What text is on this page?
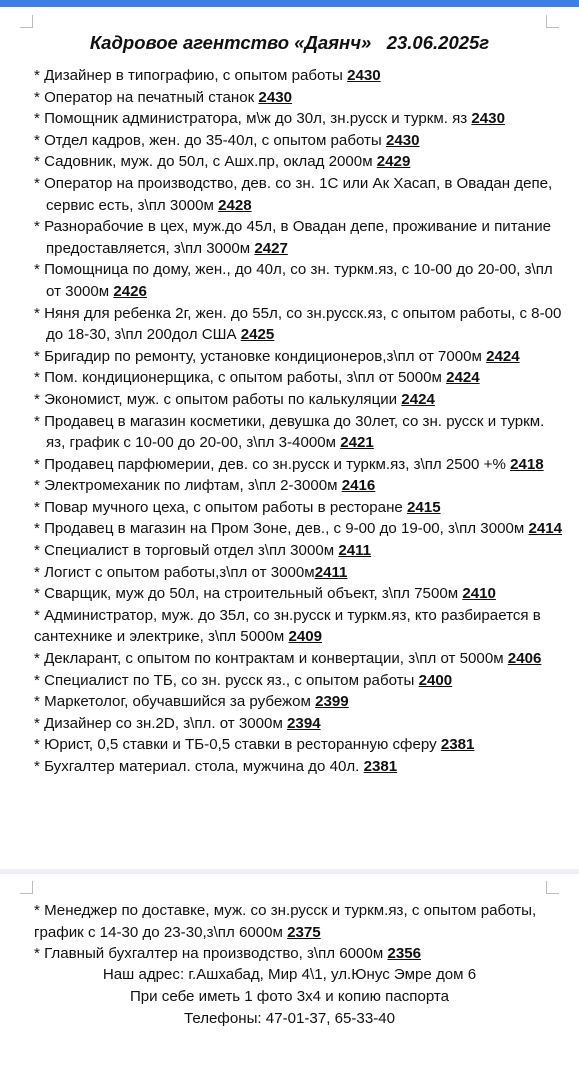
Кадровое агентство «Даянч»   23.06.2025г
* Дизайнер в типографию, с опытом работы 2430
* Оператор на печатный станок 2430
* Помощник администратора, м\ж до 30л, зн.русск и туркм. яз 2430
* Отдел кадров, жен. до 35-40л, с опытом работы 2430
* Садовник, муж. до 50л, с Ашх.пр, оклад 2000м 2429
* Оператор на производство, дев. со зн. 1С или Ак Хасап, в Овадан депе, сервис есть, з\пл 3000м 2428
* Разнорабочие в цех, муж.до 45л, в Овадан депе, проживание и питание предоставляется, з\пл 3000м 2427
* Помощница по дому, жен., до 40л, со зн. туркм.яз, с 10-00 до 20-00, з\пл от 3000м 2426
* Няня для ребенка 2г, жен. до 55л, со зн.русск.яз, с опытом работы, с 8-00 до 18-30, з\пл 200дол США 2425
* Бригадир по ремонту, установке кондиционеров,з\пл от 7000м 2424
* Пом. кондиционерщика, с опытом работы, з\пл от 5000м 2424
* Экономист, муж. с опытом работы по калькуляции 2424
* Продавец в магазин косметики, девушка до 30лет, со зн. русск и туркм. яз, график с 10-00 до 20-00, з\пл 3-4000м 2421
* Продавец парфюмерии, дев. со зн.русск и туркм.яз, з\пл 2500 +% 2418
* Электромеханик по лифтам, з\пл 2-3000м 2416
* Повар мучного цеха, с опытом работы в ресторане 2415
* Продавец в магазин на Пром Зоне, дев., с 9-00 до 19-00, з\пл 3000м 2414
* Специалист в торговый отдел з\пл 3000м 2411
* Логист с опытом работы,з\пл от 3000м2411
* Сварщик, муж до 50л, на строительный объект, з\пл 7500м 2410
* Администратор, муж. до 35л, со зн.русск и туркм.яз, кто разбирается в сантехнике и электрике, з\пл 5000м 2409
* Декларант, с опытом по контрактам и конвертации, з\пл от 5000м 2406
* Специалист по ТБ, со зн. русск яз., с опытом работы 2400
* Маркетолог, обучавшийся за рубежом 2399
* Дизайнер со зн.2D, з\пл. от 3000м 2394
* Юрист, 0,5 ставки и ТБ-0,5 ставки в ресторанную сферу 2381
* Бухгалтер материал. стола, мужчина до 40л. 2381
* Менеджер по доставке, муж. со зн.русск и туркм.яз, с опытом работы, график с 14-30 до 23-30,з\пл 6000м 2375
* Главный бухгалтер на производство, з\пл 6000м 2356
Наш адрес: г.Ашхабад, Мир 4\1, ул.Юнус Эмре дом 6
При себе иметь 1 фото 3х4 и копию паспорта
Телефоны: 47-01-37, 65-33-40
